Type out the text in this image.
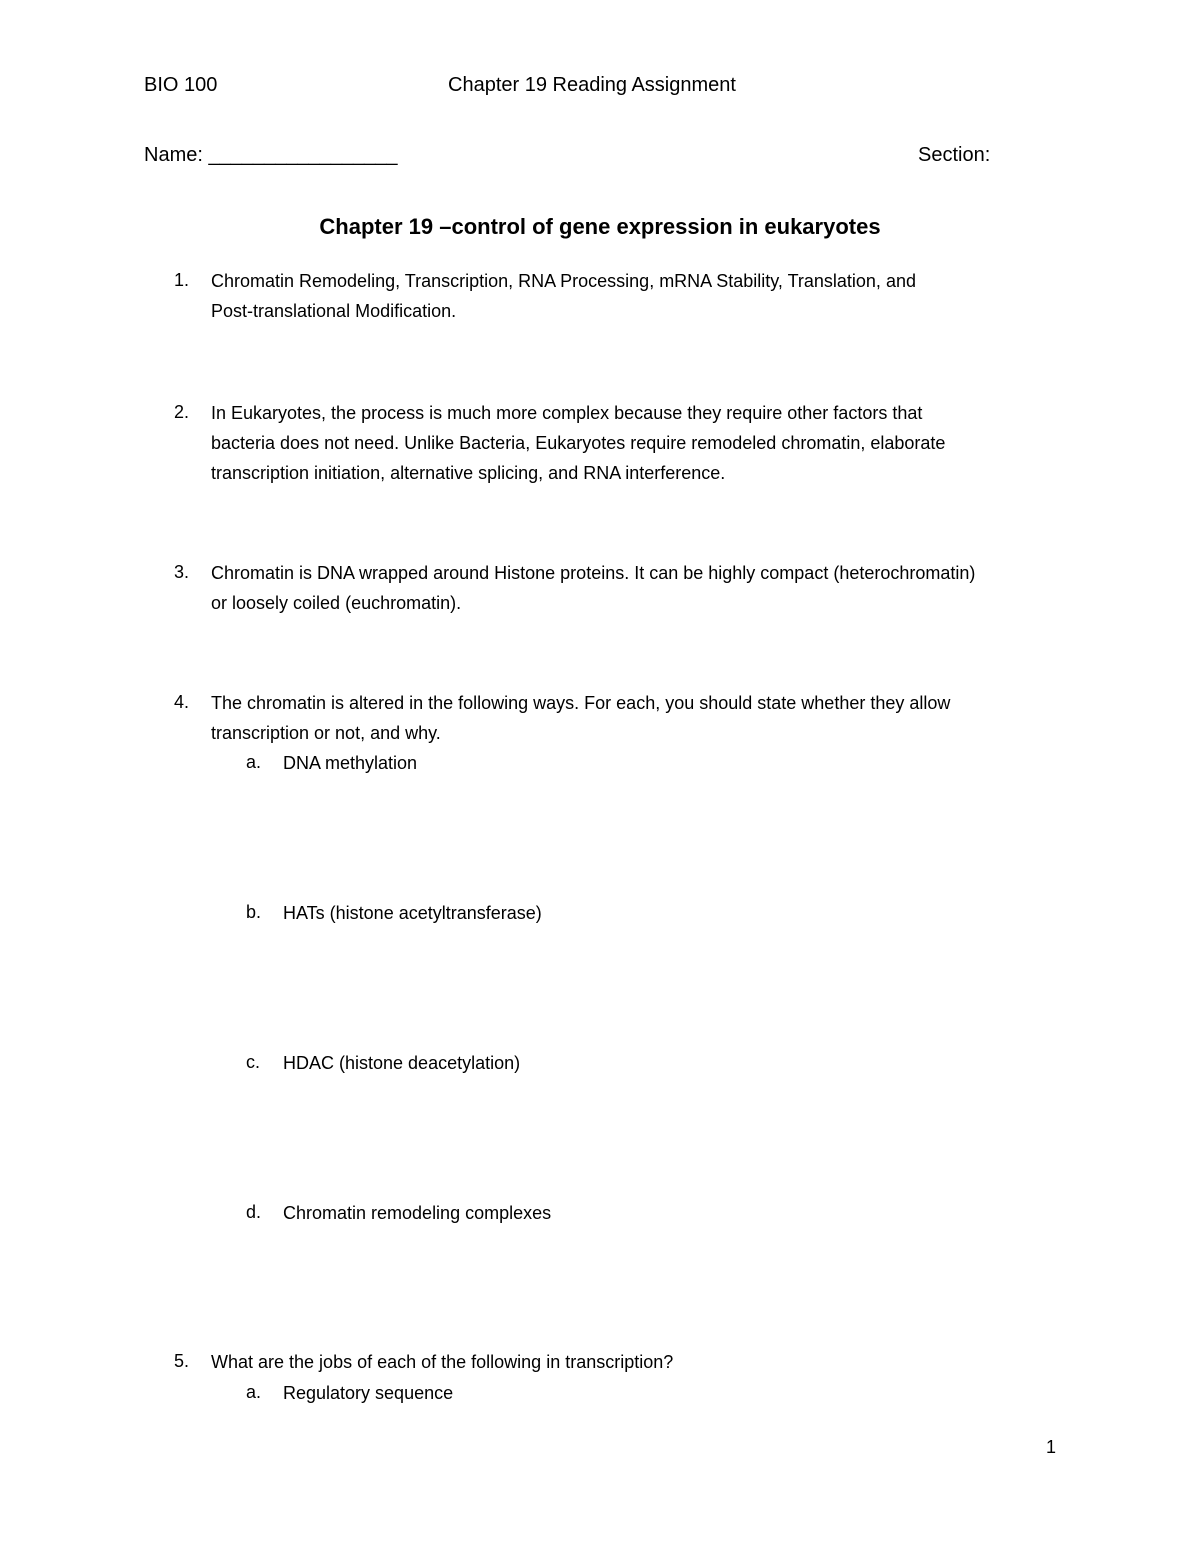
BIO 100	Chapter 19 Reading Assignment
Name: _________________	Section:
Chapter 19 –control of gene expression in eukaryotes
1. Chromatin Remodeling, Transcription, RNA Processing, mRNA Stability, Translation, and
Post-translational Modification.
2. In Eukaryotes, the process is much more complex because they require other factors that
bacteria does not need. Unlike Bacteria, Eukaryotes require remodeled chromatin, elaborate
transcription initiation, alternative splicing, and RNA interference.
3. Chromatin is DNA wrapped around Histone proteins. It can be highly compact (heterochromatin)
or loosely coiled (euchromatin).
4. The chromatin is altered in the following ways. For each, you should state whether they allow
transcription or not, and why.
a. DNA methylation
b. HATs (histone acetyltransferase)
c. HDAC (histone deacetylation)
d. Chromatin remodeling complexes
5. What are the jobs of each of the following in transcription?
a. Regulatory sequence
1
